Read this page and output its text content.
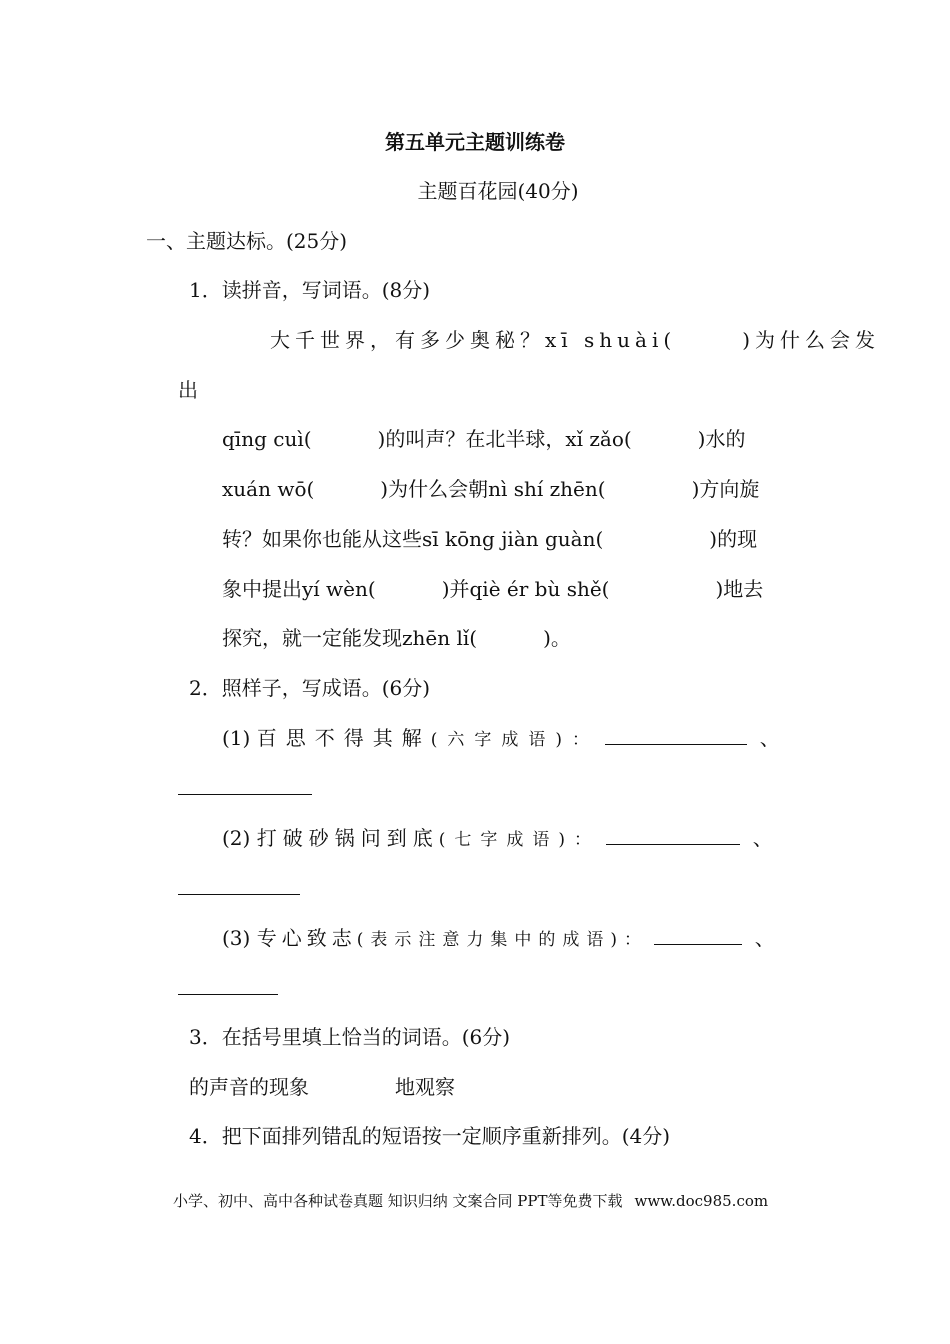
第五单元主题训练卷
主题百花园(40分)
一、主题达标。(25分)
1．读拼音，写词语。(8分)
大千世界，有多少奥秘？xī shuài(	)为什么会发
出
qīng cuì(	)的叫声？在北半球，xǐ zǎo(	)水的
xuán wō(	)为什么会朝nì shí zhēn(	)方向旋
转？如果你也能从这些sī kōng jiàn guàn(	)的现
象中提出yí wèn(	)并qiè ér bù shě(	)地去
探究，就一定能发现zhēn lǐ(	)。
2．照样子，写成语。(6分)
(1) 百思不得其解(六字成语)：	、
(2) 打破砂锅问到底(七字成语)：	、
(3) 专心致志(表示注意力集中的成语)：	、
3．在括号里填上恰当的词语。(6分)
的声音的现象	地观察
4．把下面排列错乱的短语按一定顺序重新排列。(4分)
小学、初中、高中各种试卷真题 知识归纳 文案合同 PPT等免费下载 www.doc985.com
